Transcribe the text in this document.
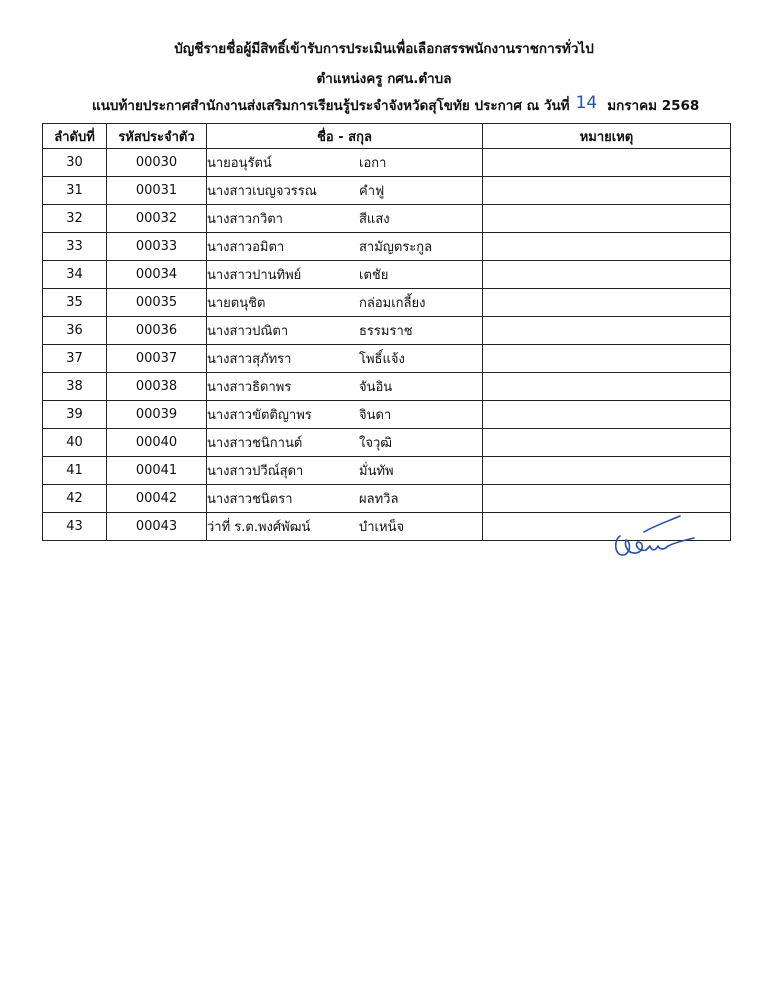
บัญชีรายชื่อผู้มีสิทธิ์เข้ารับการประเมินเพื่อเลือกสรรพนักงานราชการทั่วไป
ตำแหน่งครู กศน.ตำบล
แนบท้ายประกาศสำนักงานส่งเสริมการเรียนรู้ประจำจังหวัดสุโขทัย ประกาศ ณ วันที่ 14 มกราคม 2568
ลำดับที่	รหัสประจำตัว	ชื่อ - สกุล	หมายเหตุ
30	00030	นายอนุรัตน์ เอกา	

31	00031	นางสาวเบญจวรรณ คำฟู	

32	00032	นางสาวกวิตา สีแสง	

33	00033	นางสาวอมิตา สามัญตระกูล	

34	00034	นางสาวปานทิพย์ เตชัย	

35	00035	นายตนุชิต กล่อมเกลี้ยง	

36	00036	นางสาวปณิตา ธรรมราช	

37	00037	นางสาวสุภัทรา โพธิ์แจ้ง	

38	00038	นางสาวธิดาพร จันอิน	

39	00039	นางสาวขัตติญาพร จินดา	

40	00040	นางสาวชนิกานต์ ใจวุฒิ	

41	00041	นางสาวปวีณ์สุดา มั่นทัพ	

42	00042	นางสาวชนิตรา ผลทวิล	

43	00043	ว่าที่ ร.ต.พงศ์พัฒน์ บำเหน็จ	
